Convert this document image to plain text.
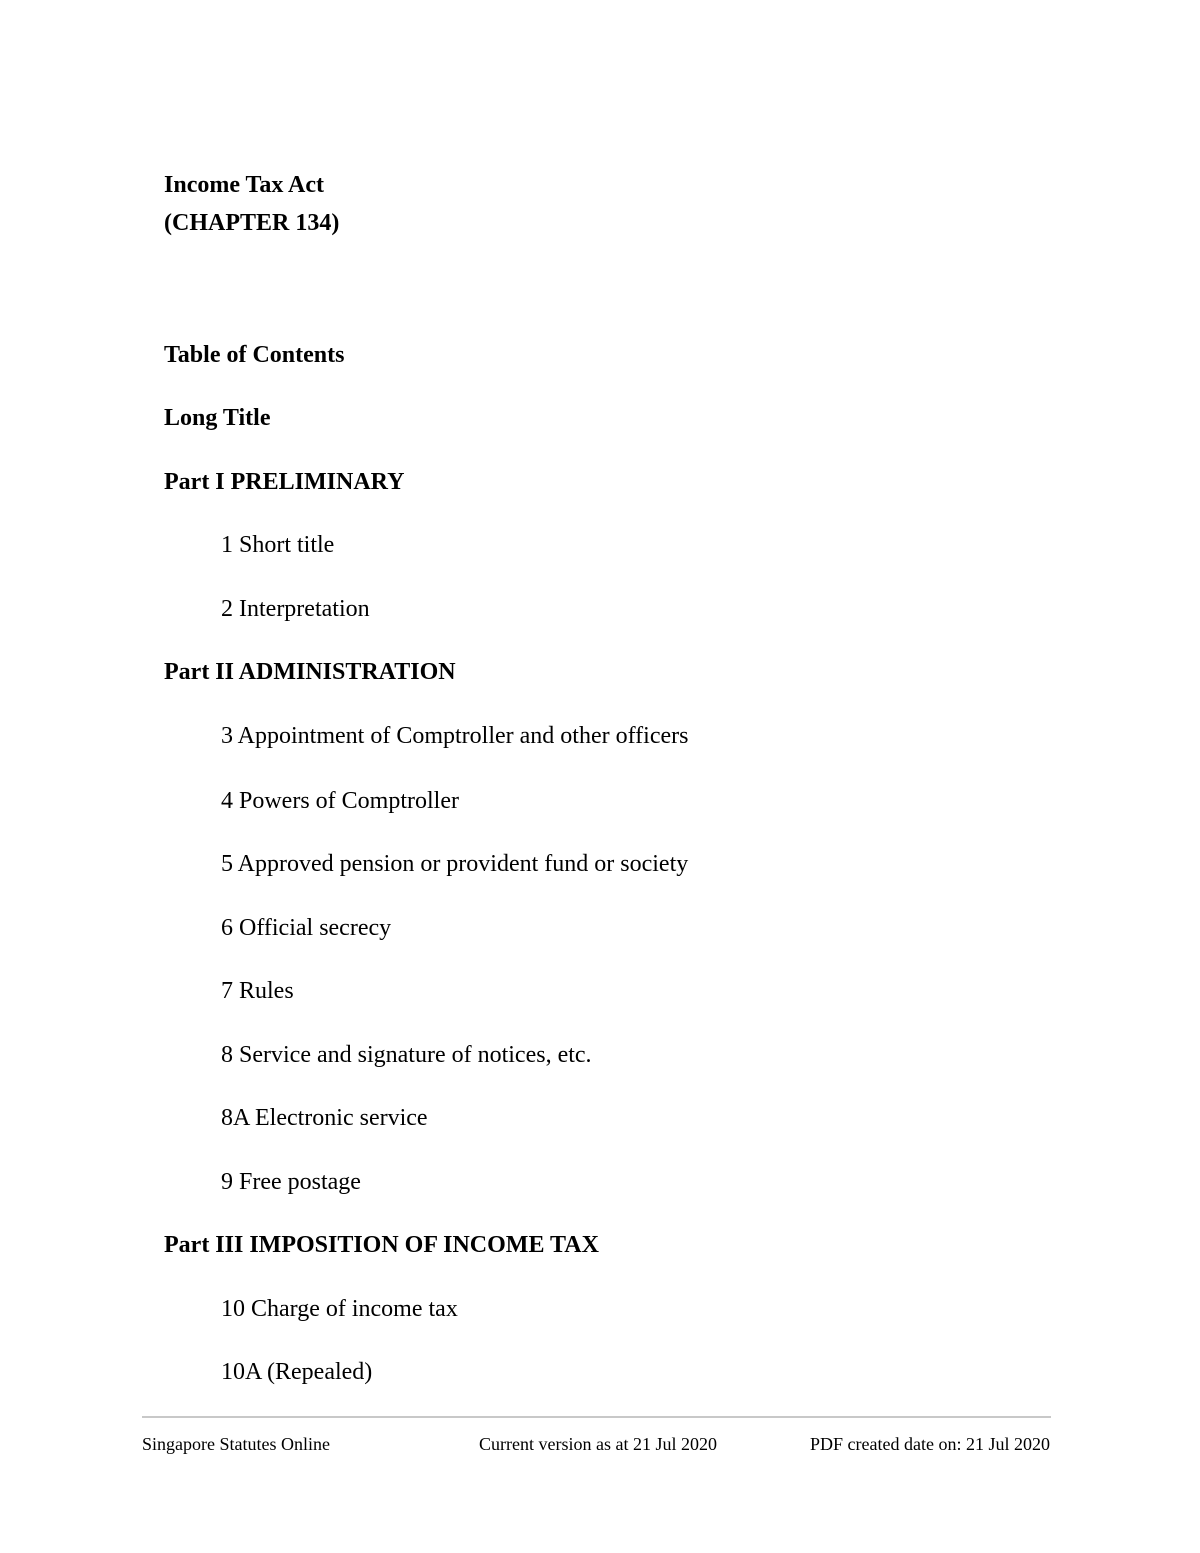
Income Tax Act
(CHAPTER 134)
Table of Contents
Long Title
Part I PRELIMINARY
1 Short title
2 Interpretation
Part II ADMINISTRATION
3 Appointment of Comptroller and other officers
4 Powers of Comptroller
5 Approved pension or provident fund or society
6 Official secrecy
7 Rules
8 Service and signature of notices, etc.
8A Electronic service
9 Free postage
Part III IMPOSITION OF INCOME TAX
10 Charge of income tax
10A (Repealed)
Singapore Statutes Online	Current version as at 21 Jul 2020	PDF created date on: 21 Jul 2020
